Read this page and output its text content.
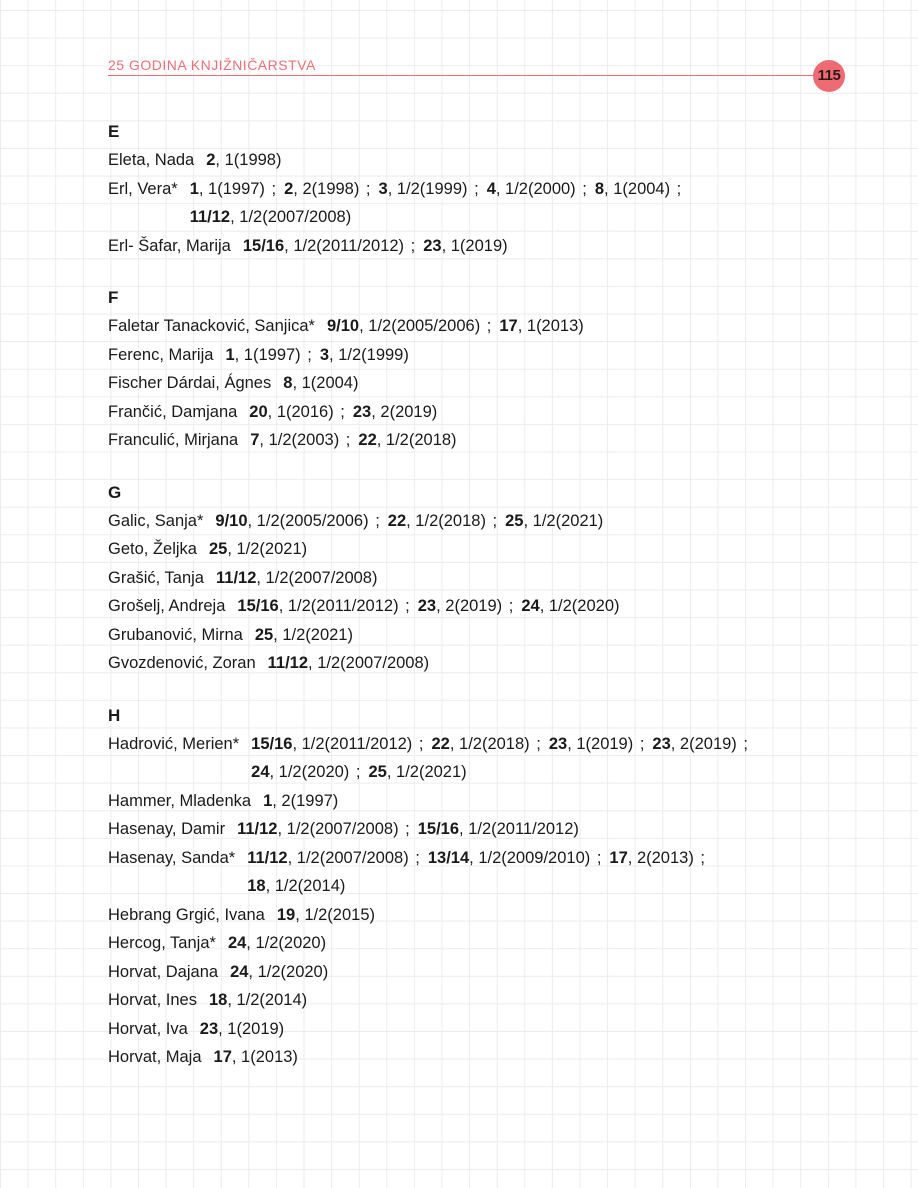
25 GODINA KNJIŽNIČARSTVA
115
E
Eleta, Nada 2, 1(1998)
Erl, Vera* 1, 1(1997) ; 2, 2(1998) ; 3, 1/2(1999) ; 4, 1/2(2000) ; 8, 1(2004) ;
11/12, 1/2(2007/2008)
Erl- Šafar, Marija 15/16, 1/2(2011/2012) ; 23, 1(2019)
F
Faletar Tanacković, Sanjica* 9/10, 1/2(2005/2006) ; 17, 1(2013)
Ferenc, Marija 1, 1(1997) ; 3, 1/2(1999)
Fischer Dárdai, Ágnes 8, 1(2004)
Frančić, Damjana 20, 1(2016) ; 23, 2(2019)
Franculić, Mirjana 7, 1/2(2003) ; 22, 1/2(2018)
G
Galic, Sanja* 9/10, 1/2(2005/2006) ; 22, 1/2(2018) ; 25, 1/2(2021)
Geto, Željka 25, 1/2(2021)
Grašić, Tanja 11/12, 1/2(2007/2008)
Grošelj, Andreja 15/16, 1/2(2011/2012) ; 23, 2(2019) ; 24, 1/2(2020)
Grubanović, Mirna 25, 1/2(2021)
Gvozdenović, Zoran 11/12, 1/2(2007/2008)
H
Hadrović, Merien* 15/16, 1/2(2011/2012) ; 22, 1/2(2018) ; 23, 1(2019) ; 23, 2(2019) ;
24, 1/2(2020) ; 25, 1/2(2021)
Hammer, Mladenka 1, 2(1997)
Hasenay, Damir 11/12, 1/2(2007/2008) ; 15/16, 1/2(2011/2012)
Hasenay, Sanda* 11/12, 1/2(2007/2008) ; 13/14, 1/2(2009/2010) ; 17, 2(2013) ;
18, 1/2(2014)
Hebrang Grgić, Ivana 19, 1/2(2015)
Hercog, Tanja* 24, 1/2(2020)
Horvat, Dajana 24, 1/2(2020)
Horvat, Ines 18, 1/2(2014)
Horvat, Iva 23, 1(2019)
Horvat, Maja 17, 1(2013)
